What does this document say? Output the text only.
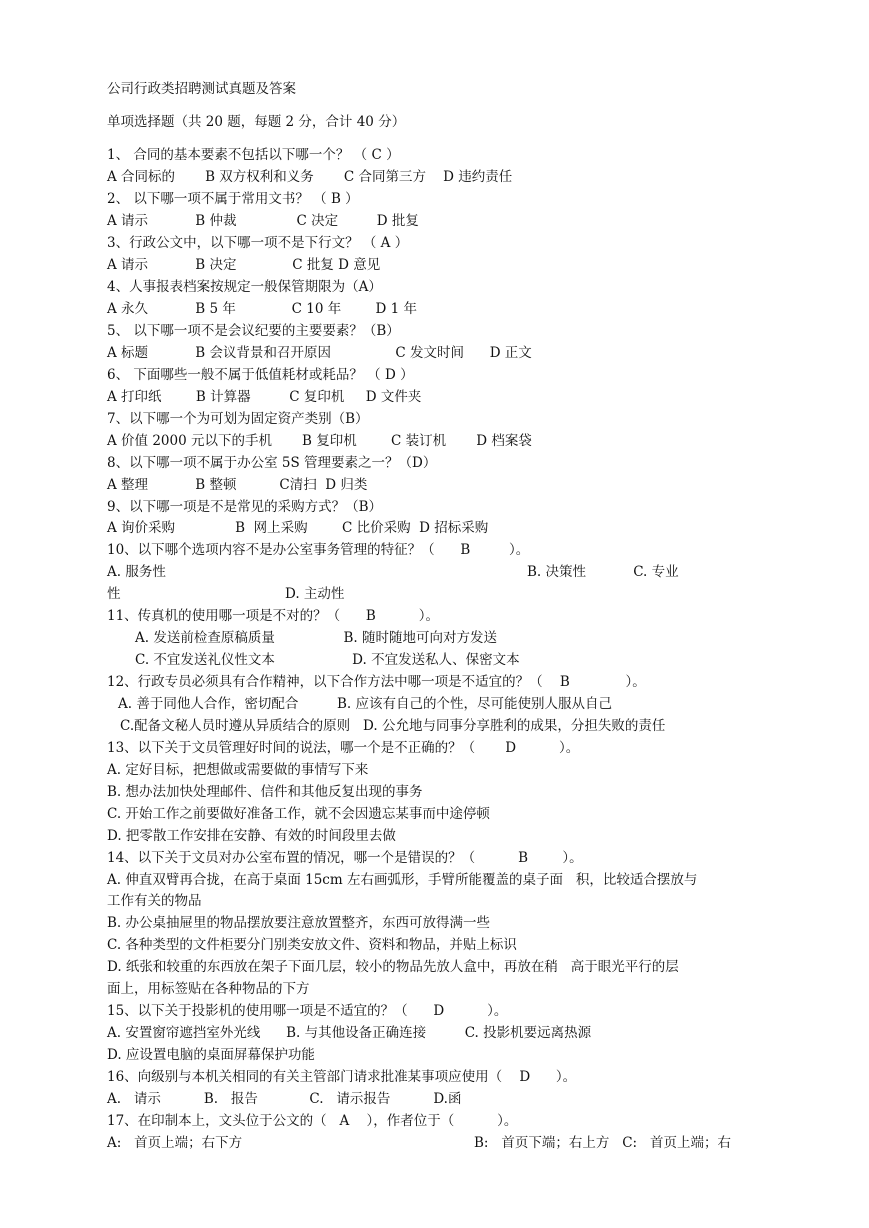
公司行政类招聘测试真题及答案
单项选择题（共 20 题，每题 2 分，合计 40 分）
1、 合同的基本要素不包括以下哪一个？ （ C ）
A 合同标的       B 双方权利和义务       C 合同第三方    D 违约责任
2、 以下哪一项不属于常用文书？ （ B ）
A 请示           B 仲裁              C 决定         D 批复
3、行政公文中，以下哪一项不是下行文？ （ A ）
A 请示           B 决定             C 批复 D 意见
4、人事报表档案按规定一般保管期限为（A）
A 永久           B 5 年             C 10 年        D 1 年
5、 以下哪一项不是会议纪要的主要要素？（B）
A 标题           B 会议背景和召开原因               C 发文时间      D 正文
6、 下面哪些一般不属于低值耗材或耗品？ （ D ）
A 打印纸        B 计算器         C 复印机     D 文件夹
7、以下哪一个为可划为固定资产类别（B）
A 价值 2000 元以下的手机       B 复印机        C 装订机       D 档案袋
8、以下哪一项不属于办公室 5S 管理要素之一？（D）
A 整理           B 整顿          C清扫  D 归类
9、以下哪一项是不是常见的采购方式？（B）
A 询价采购              B  网上采购        C 比价采购  D 招标采购
10、以下哪个选项内容不是办公室事务管理的特征？（      B         ）。
A. 服务性	B. 决策性           C. 专业
性	D. 主动性
11、传真机的使用哪一项是不对的？（      B          ）。
A. 发送前检查原稿质量                B. 随时随地可向对方发送
C. 不宜发送礼仪性文本                  D. 不宜发送私人、保密文本
12、行政专员必须具有合作精神，以下合作方法中哪一项是不适宜的？（    B             ）。
A. 善于同他人合作，密切配合         B. 应该有自己的个性，尽可能使别人服从自己
C.配备文秘人员时遵从异质结合的原则   D. 公允地与同事分享胜利的成果，分担失败的责任
13、以下关于文员管理好时间的说法，哪一个是不正确的？（       D          ）。
A. 定好目标，把想做或需要做的事情写下来
B. 想办法加快处理邮件、信件和其他反复出现的事务
C. 开始工作之前要做好准备工作，就不会因遗忘某事而中途停顿
D. 把零散工作安排在安静、有效的时间段里去做
14、以下关于文员对办公室布置的情况，哪一个是错误的？（          B        ）。
A. 伸直双臂再合拢，在高于桌面 15cm 左右画弧形，手臂所能覆盖的桌子面   积，比较适合摆放与
工作有关的物品
B. 办公桌抽屉里的物品摆放要注意放置整齐，东西可放得满一些
C. 各种类型的文件柜要分门别类安放文件、资料和物品，并贴上标识
D. 纸张和较重的东西放在架子下面几层，较小的物品先放人盒中，再放在稍   高于眼光平行的层
面上，用标签贴在各种物品的下方
15、以下关于投影机的使用哪一项是不适宜的？（      D          ）。
A. 安置窗帘遮挡室外光线      B. 与其他设备正确连接         C. 投影机要远离热源
D. 应设置电脑的桌面屏幕保护功能
16、向级别与本机关相同的有关主管部门请求批准某事项应使用（    D      ）。
A.   请示          B.   报告            C.   请示报告          D.函
17、在印制本上，文头位于公文的（   A    ），作者位于（          ）。
A:   首页上端；右下方	B:   首页下端；右上方   C:   首页上端；右
